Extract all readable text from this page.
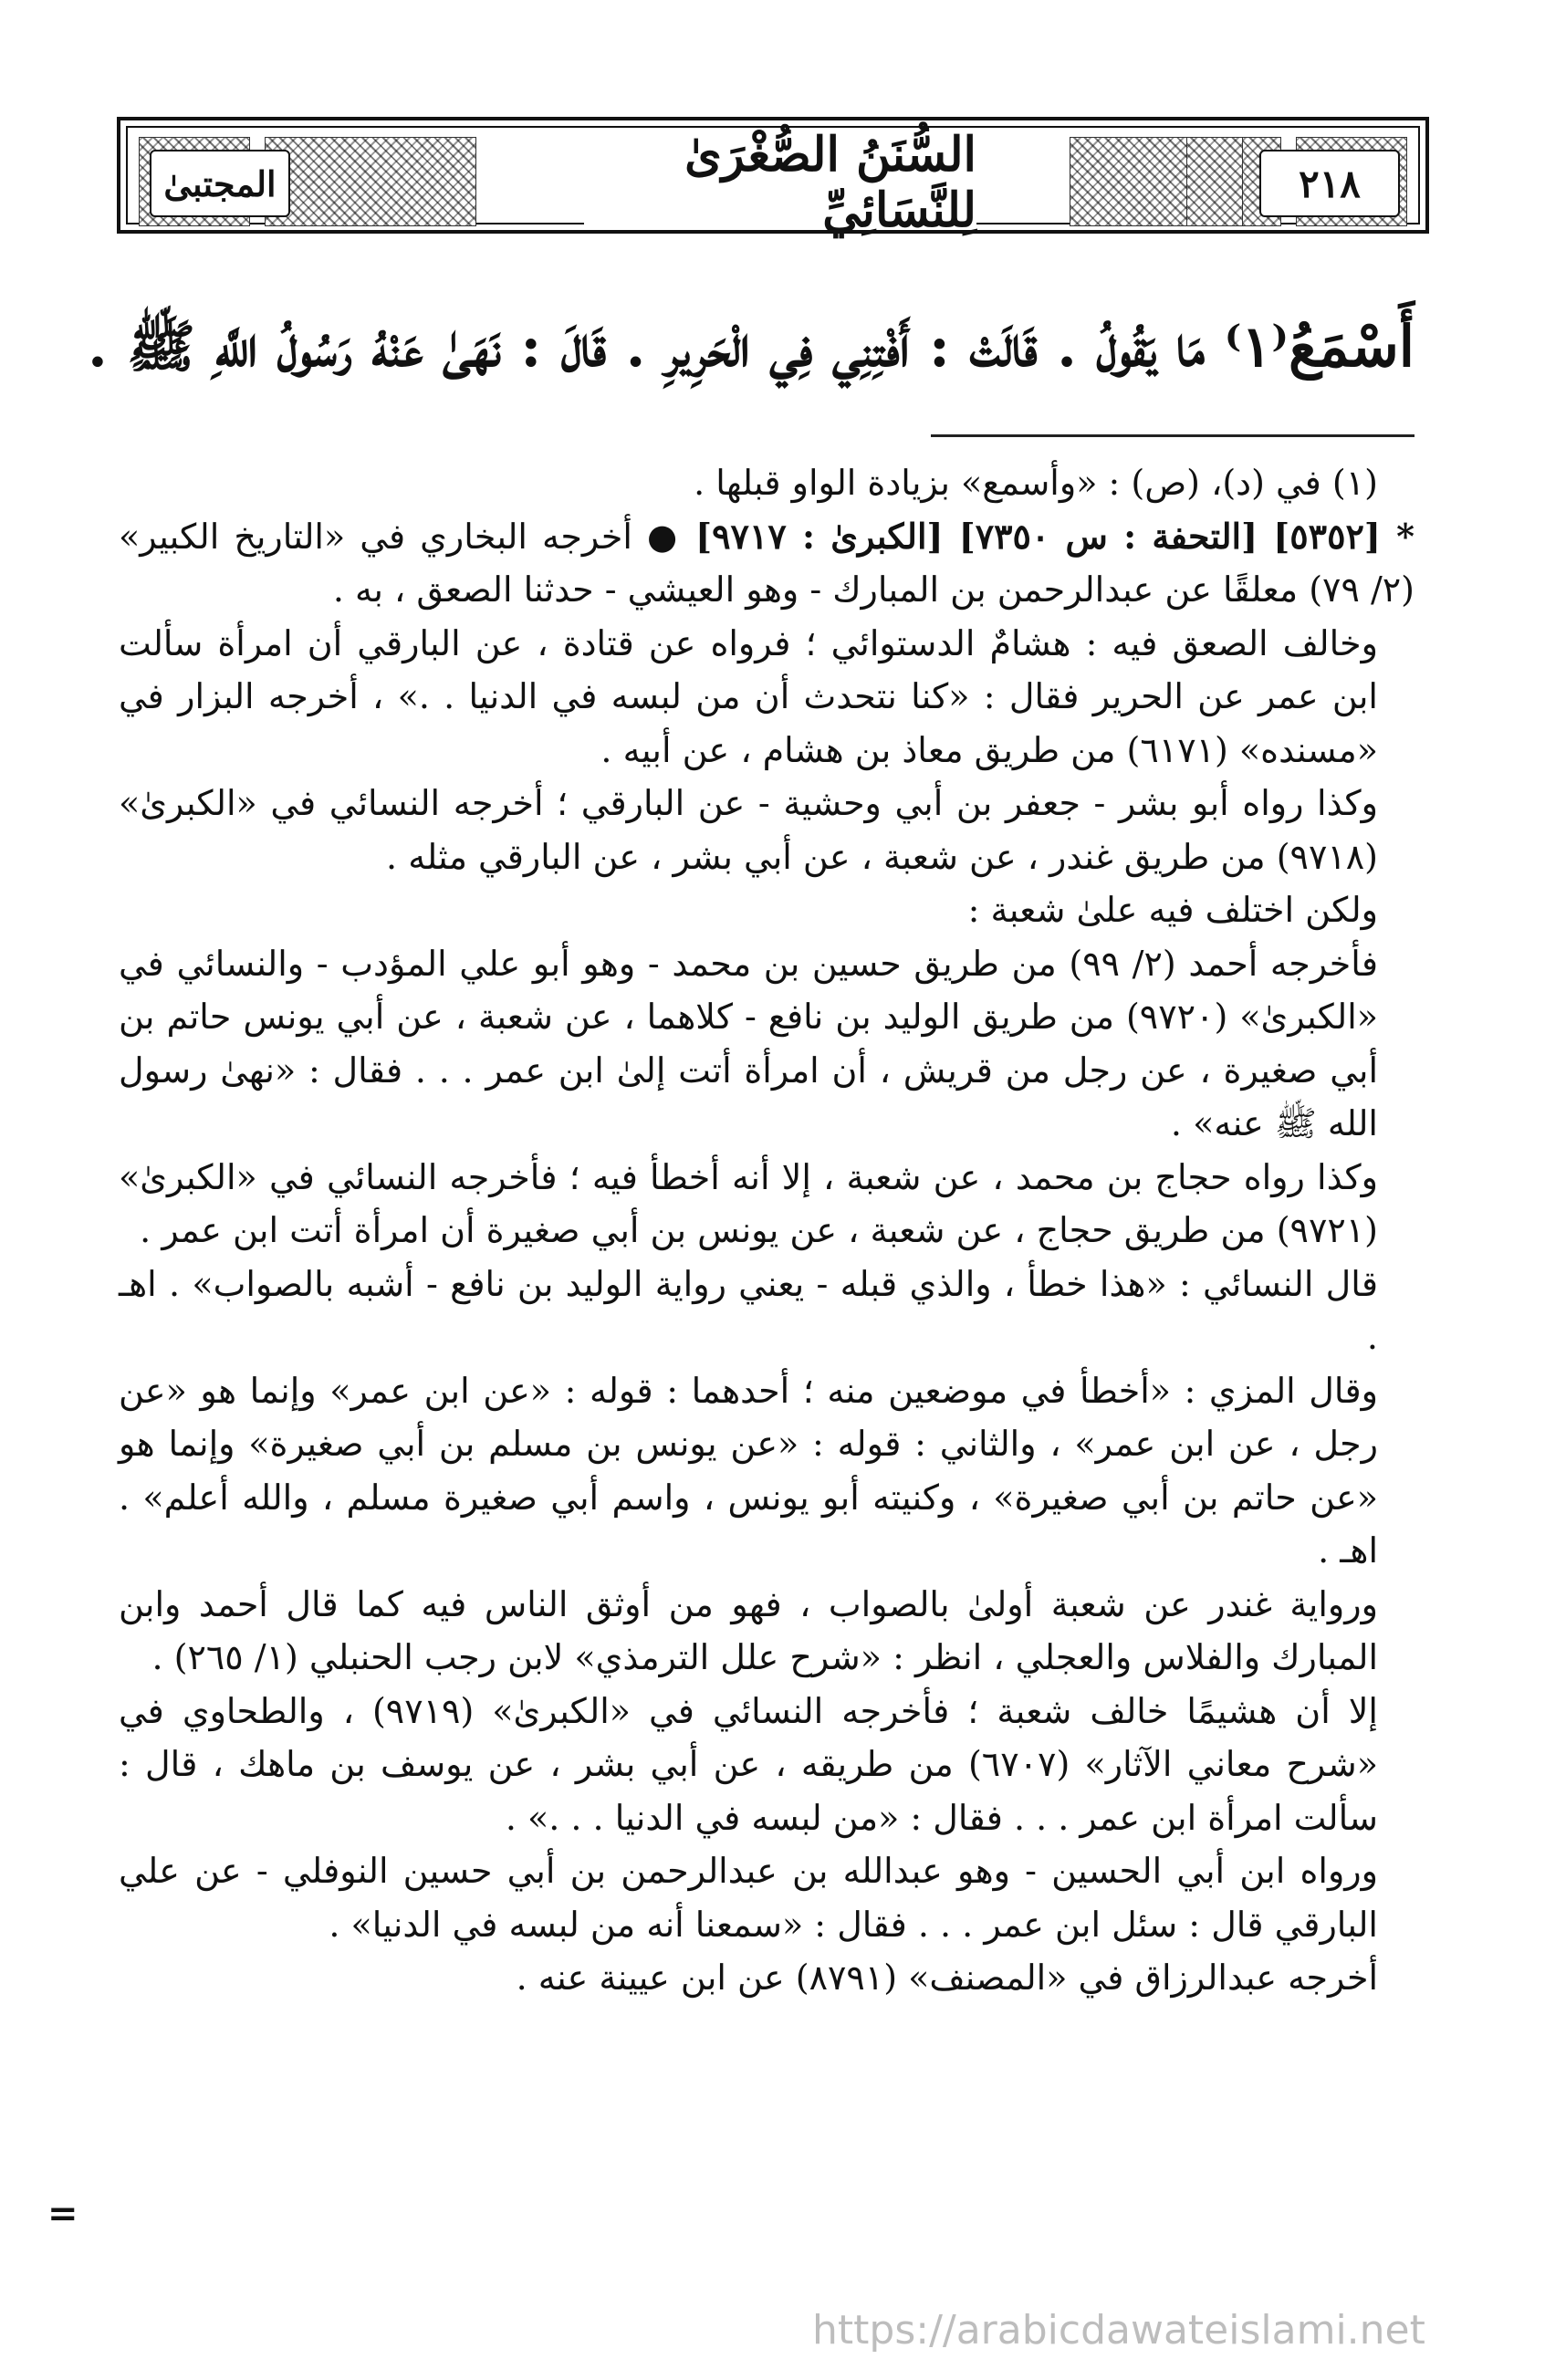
٢١٨
السُّنَنُ الصُّغْرَىٰ لِلنَّسَائِيِّ
المجتبىٰ
أَسْمَعُ⁽١⁾ مَا يَقُولُ . قَالَتْ : أَفْتِنِي فِي الْحَرِيرِ . قَالَ : نَهَىٰ عَنْهُ رَسُولُ اللَّهِ ﷺ .

(١) في (د)، (ص) : «وأسمع» بزيادة الواو قبلها .

* [٥٣٥٢] [التحفة : س ٧٣٥٠] [الكبرىٰ : ٩٧١٧] ● أخرجه البخاري في «التاريخ الكبير» (٢/ ٧٩) معلقًا عن عبدالرحمن بن المبارك - وهو العيشي - حدثنا الصعق ، به .

وخالف الصعق فيه : هشامٌ الدستوائي ؛ فرواه عن قتادة ، عن البارقي أن امرأة سألت ابن عمر عن الحرير فقال : «كنا نتحدث أن من لبسه في الدنيا . .» ، أخرجه البزار في «مسنده» (٦١٧١) من طريق معاذ بن هشام ، عن أبيه .

وكذا رواه أبو بشر - جعفر بن أبي وحشية - عن البارقي ؛ أخرجه النسائي في «الكبرىٰ» (٩٧١٨) من طريق غندر ، عن شعبة ، عن أبي بشر ، عن البارقي مثله .

ولكن اختلف فيه علىٰ شعبة :

فأخرجه أحمد (٢/ ٩٩) من طريق حسين بن محمد - وهو أبو علي المؤدب - والنسائي في «الكبرىٰ» (٩٧٢٠) من طريق الوليد بن نافع - كلاهما ، عن شعبة ، عن أبي يونس حاتم بن أبي صغيرة ، عن رجل من قريش ، أن امرأة أتت إلىٰ ابن عمر . . . فقال : «نهىٰ رسول الله ﷺ عنه» .

وكذا رواه حجاج بن محمد ، عن شعبة ، إلا أنه أخطأ فيه ؛ فأخرجه النسائي في «الكبرىٰ» (٩٧٢١) من طريق حجاج ، عن شعبة ، عن يونس بن أبي صغيرة أن امرأة أتت ابن عمر .

قال النسائي : «هذا خطأ ، والذي قبله - يعني رواية الوليد بن نافع - أشبه بالصواب» . اهـ .

وقال المزي : «أخطأ في موضعين منه ؛ أحدهما : قوله : «عن ابن عمر» وإنما هو «عن رجل ، عن ابن عمر» ، والثاني : قوله : «عن يونس بن مسلم بن أبي صغيرة» وإنما هو «عن حاتم بن أبي صغيرة» ، وكنيته أبو يونس ، واسم أبي صغيرة مسلم ، والله أعلم» . اهـ .

ورواية غندر عن شعبة أولىٰ بالصواب ، فهو من أوثق الناس فيه كما قال أحمد وابن المبارك والفلاس والعجلي ، انظر : «شرح علل الترمذي» لابن رجب الحنبلي (١/ ٢٦٥) .

إلا أن هشيمًا خالف شعبة ؛ فأخرجه النسائي في «الكبرىٰ» (٩٧١٩) ، والطحاوي في «شرح معاني الآثار» (٦٧٠٧) من طريقه ، عن أبي بشر ، عن يوسف بن ماهك ، قال : سألت امرأة ابن عمر . . . فقال : «من لبسه في الدنيا . . .» .

ورواه ابن أبي الحسين - وهو عبدالله بن عبدالرحمن بن أبي حسين النوفلي - عن علي البارقي قال : سئل ابن عمر . . . فقال : «سمعنا أنه من لبسه في الدنيا» .

أخرجه عبدالرزاق في «المصنف» (٨٧٩١) عن ابن عيينة عنه .

=
https://arabicdawateislami.net
